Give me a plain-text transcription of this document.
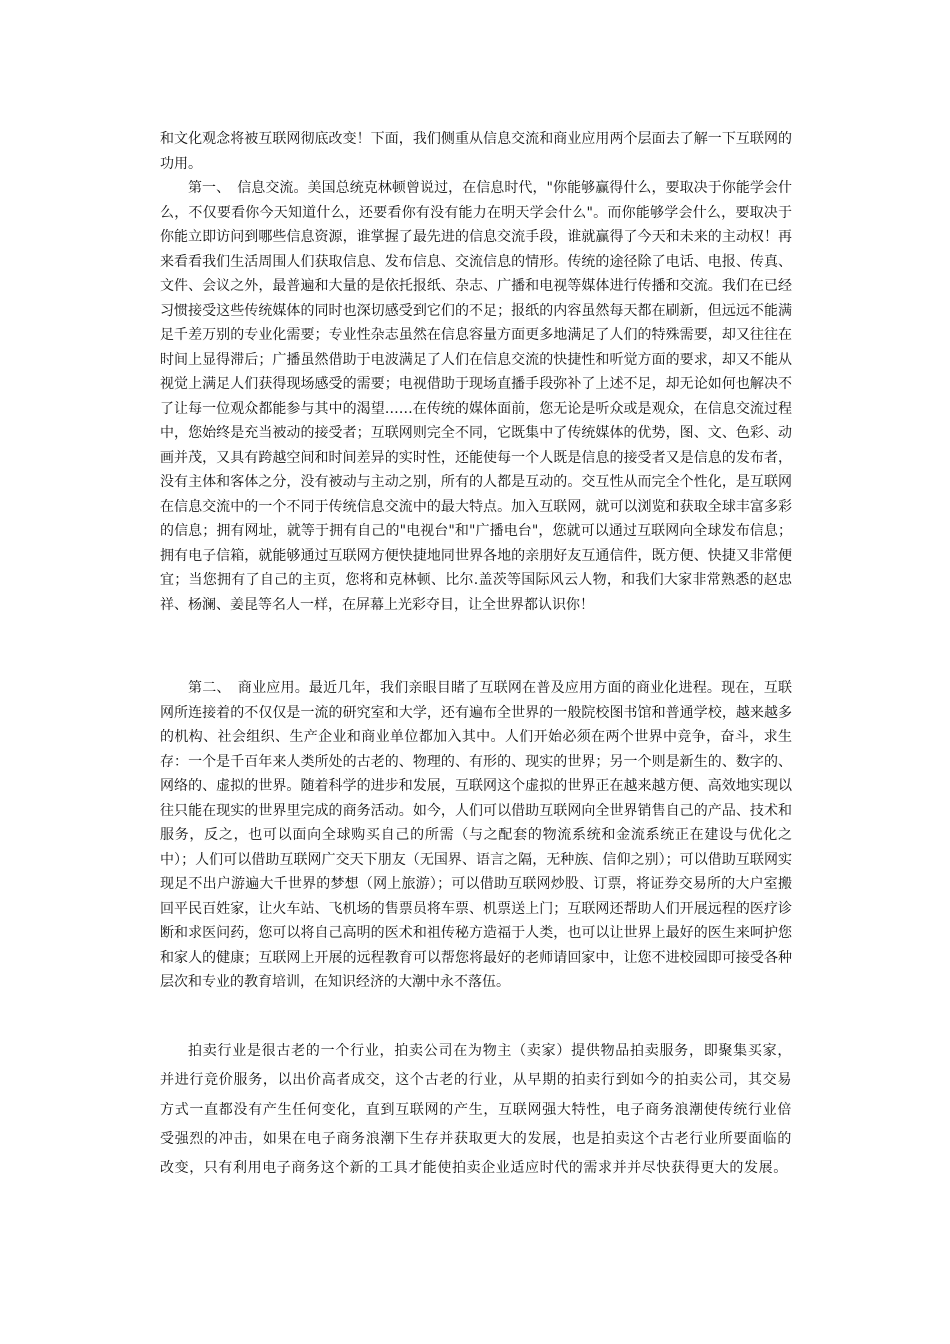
和文化观念将被互联网彻底改变！下面，我们侧重从信息交流和商业应用两个层面去了解一下互联网的功用。

第一、　信息交流。美国总统克林顿曾说过，在信息时代，"你能够赢得什么，要取决于你能学会什么，不仅要看你今天知道什么，还要看你有没有能力在明天学会什么"。而你能够学会什么，要取决于你能立即访问到哪些信息资源，谁掌握了最先进的信息交流手段，谁就赢得了今天和未来的主动权！再来看看我们生活周围人们获取信息、发布信息、交流信息的情形。传统的途径除了电话、电报、传真、文件、会议之外，最普遍和大量的是依托报纸、杂志、广播和电视等媒体进行传播和交流。我们在已经习惯接受这些传统媒体的同时也深切感受到它们的不足；报纸的内容虽然每天都在刷新，但远远不能满足千差万别的专业化需要；专业性杂志虽然在信息容量方面更多地满足了人们的特殊需要，却又往往在时间上显得滞后；广播虽然借助于电波满足了人们在信息交流的快捷性和听觉方面的要求，却又不能从视觉上满足人们获得现场感受的需要；电视借助于现场直播手段弥补了上述不足，却无论如何也解决不了让每一位观众都能参与其中的渴望……在传统的媒体面前，您无论是听众或是观众，在信息交流过程中，您始终是充当被动的接受者；互联网则完全不同，它既集中了传统媒体的优势，图、文、色彩、动画并茂，又具有跨越空间和时间差异的实时性，还能使每一个人既是信息的接受者又是信息的发布者，没有主体和客体之分，没有被动与主动之别，所有的人都是互动的。交互性从而完全个性化，是互联网在信息交流中的一个不同于传统信息交流中的最大特点。加入互联网，就可以浏览和获取全球丰富多彩的信息；拥有网址，就等于拥有自己的"电视台"和"广播电台"，您就可以通过互联网向全球发布信息；拥有电子信箱，就能够通过互联网方便快捷地同世界各地的亲朋好友互通信件，既方便、快捷又非常便宜；当您拥有了自己的主页，您将和克林顿、比尔.盖茨等国际风云人物，和我们大家非常熟悉的赵忠祥、杨澜、姜昆等名人一样，在屏幕上光彩夺目，让全世界都认识你！

第二、　商业应用。最近几年，我们亲眼目睹了互联网在普及应用方面的商业化进程。现在，互联网所连接着的不仅仅是一流的研究室和大学，还有遍布全世界的一般院校图书馆和普通学校，越来越多的机构、社会组织、生产企业和商业单位都加入其中。人们开始必须在两个世界中竞争，奋斗，求生存：一个是千百年来人类所处的古老的、物理的、有形的、现实的世界；另一个则是新生的、数字的、网络的、虚拟的世界。随着科学的进步和发展，互联网这个虚拟的世界正在越来越方便、高效地实现以往只能在现实的世界里完成的商务活动。如今，人们可以借助互联网向全世界销售自己的产品、技术和服务，反之，也可以面向全球购买自己的所需（与之配套的物流系统和金流系统正在建设与优化之中）；人们可以借助互联网广交天下朋友（无国界、语言之隔，无种族、信仰之别）；可以借助互联网实现足不出户游遍大千世界的梦想（网上旅游）；可以借助互联网炒股、订票，将证券交易所的大户室搬回平民百姓家，让火车站、飞机场的售票员将车票、机票送上门；互联网还帮助人们开展远程的医疗诊断和求医问药，您可以将自己高明的医术和祖传秘方造福于人类，也可以让世界上最好的医生来呵护您和家人的健康；互联网上开展的远程教育可以帮您将最好的老师请回家中，让您不进校园即可接受各种层次和专业的教育培训，在知识经济的大潮中永不落伍。

拍卖行业是很古老的一个行业，拍卖公司在为物主（卖家）提供物品拍卖服务，即聚集买家，并进行竞价服务，以出价高者成交，这个古老的行业，从早期的拍卖行到如今的拍卖公司，其交易方式一直都没有产生任何变化，直到互联网的产生，互联网强大特性，电子商务浪潮使传统行业倍受强烈的冲击，如果在电子商务浪潮下生存并获取更大的发展，也是拍卖这个古老行业所要面临的改变，只有利用电子商务这个新的工具才能使拍卖企业适应时代的需求并并尽快获得更大的发展。
